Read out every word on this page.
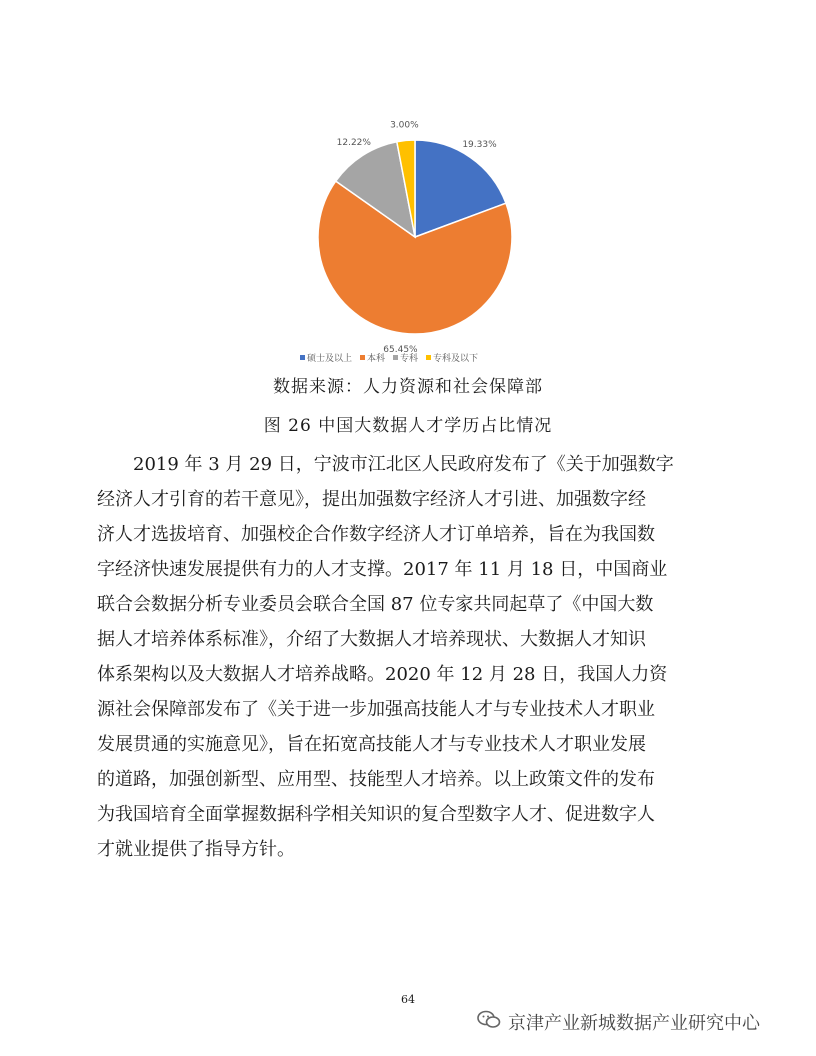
19.33%
65.45%
12.22%
3.00%
硕士及以上 本科 专科 专科及以下
数据来源：人力资源和社会保障部
图 26 中国大数据人才学历占比情况

　　2019 年 3 月 29 日，宁波市江北区人民政府发布了《关于加强数字
经济人才引育的若干意见》，提出加强数字经济人才引进、加强数字经
济人才选拔培育、加强校企合作数字经济人才订单培养，旨在为我国数
字经济快速发展提供有力的人才支撑。2017 年 11 月 18 日，中国商业
联合会数据分析专业委员会联合全国 87 位专家共同起草了《中国大数
据人才培养体系标准》，介绍了大数据人才培养现状、大数据人才知识
体系架构以及大数据人才培养战略。2020 年 12 月 28 日，我国人力资
源社会保障部发布了《关于进一步加强高技能人才与专业技术人才职业
发展贯通的实施意见》，旨在拓宽高技能人才与专业技术人才职业发展
的道路，加强创新型、应用型、技能型人才培养。以上政策文件的发布
为我国培育全面掌握数据科学相关知识的复合型数字人才、促进数字人
才就业提供了指导方针。

64
京津产业新城数据产业研究中心
